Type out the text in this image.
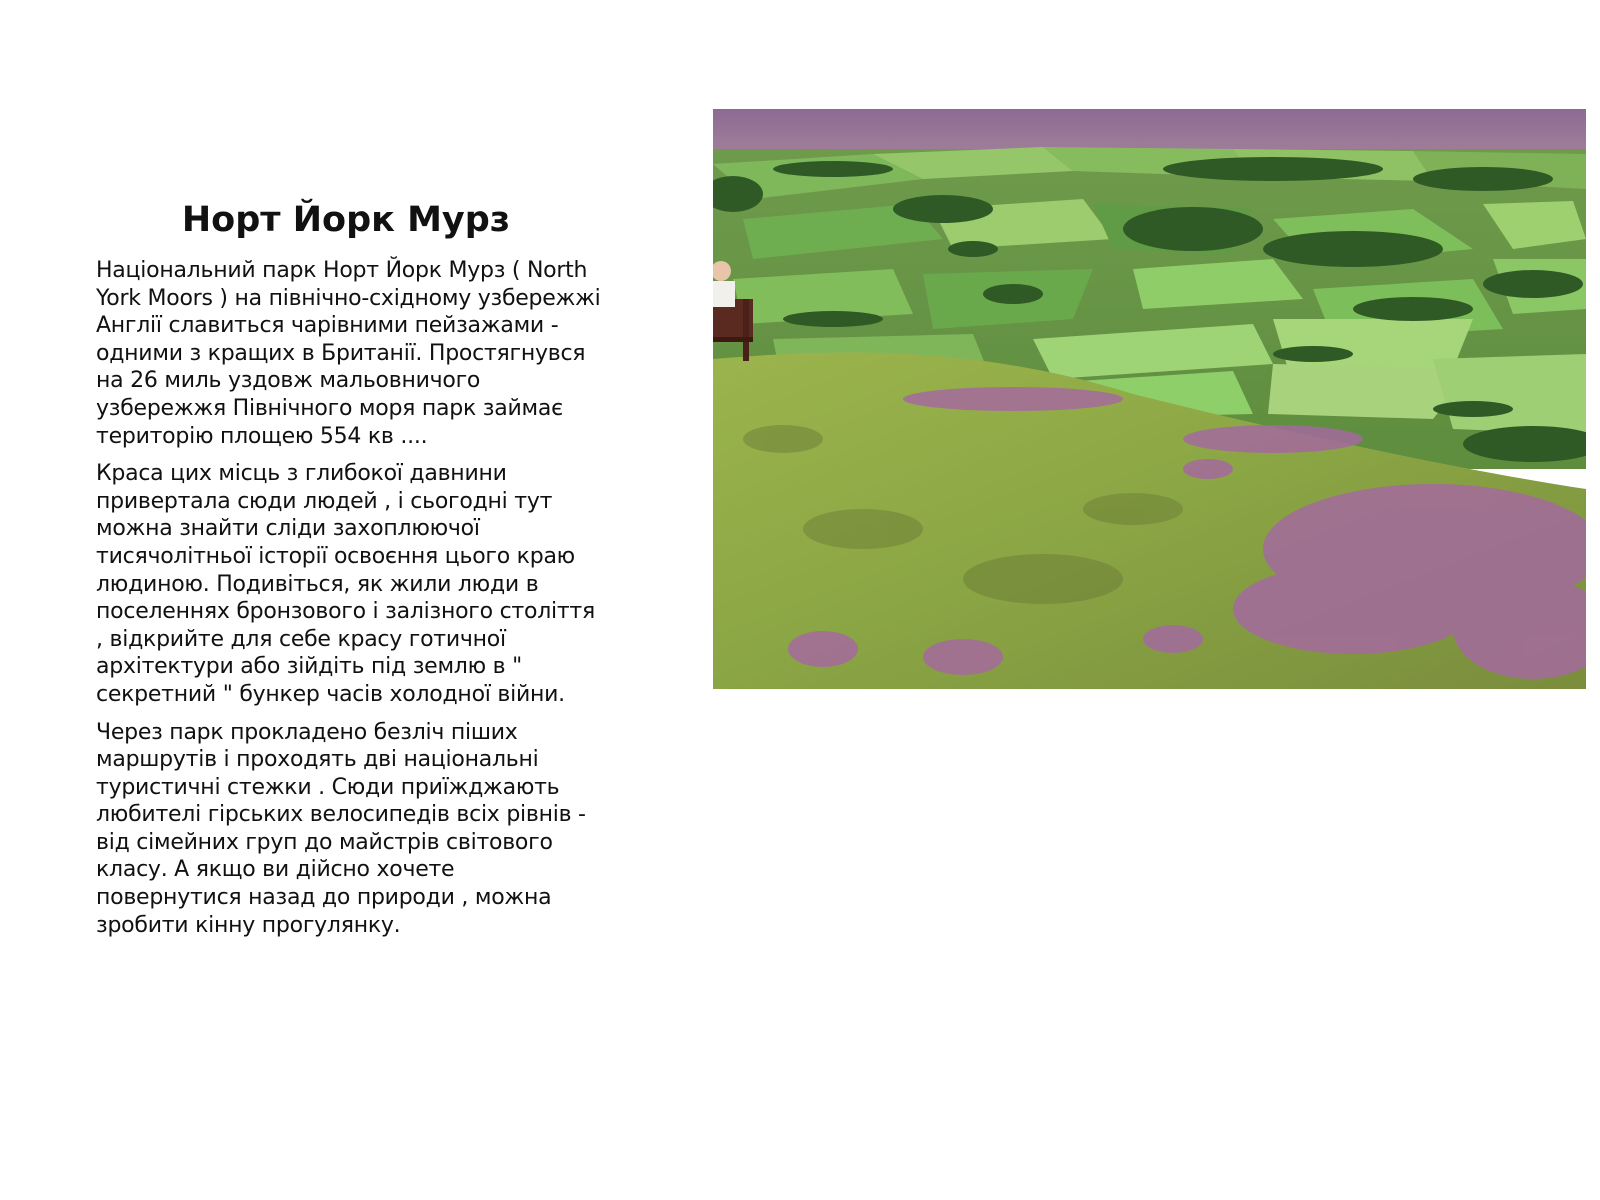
Норт Йорк Мурз

Національний парк Норт Йорк Мурз ( North York Moors ) на північно-східному узбережжі Англії славиться чарівними пейзажами - одними з кращих в Британії. Простягнувся на 26 миль уздовж мальовничого узбережжя Північного моря парк займає територію площею 554 кв ....

Краса цих місць з глибокої давнини привертала сюди людей , і сьогодні тут можна знайти сліди захоплюючої тисячолітньої історії освоєння цього краю людиною. Подивіться, як жили люди в поселеннях бронзового і залізного століття , відкрийте для себе красу готичної архітектури або зійдіть під землю в " секретний " бункер часів холодної війни.

Через парк прокладено безліч піших маршрутів і проходять дві національні туристичні стежки . Сюди приїжджають любителі гірських велосипедів всіх рівнів - від сімейних груп до майстрів світового класу. А якщо ви дійсно хочете повернутися назад до природи , можна зробити кінну прогулянку.
